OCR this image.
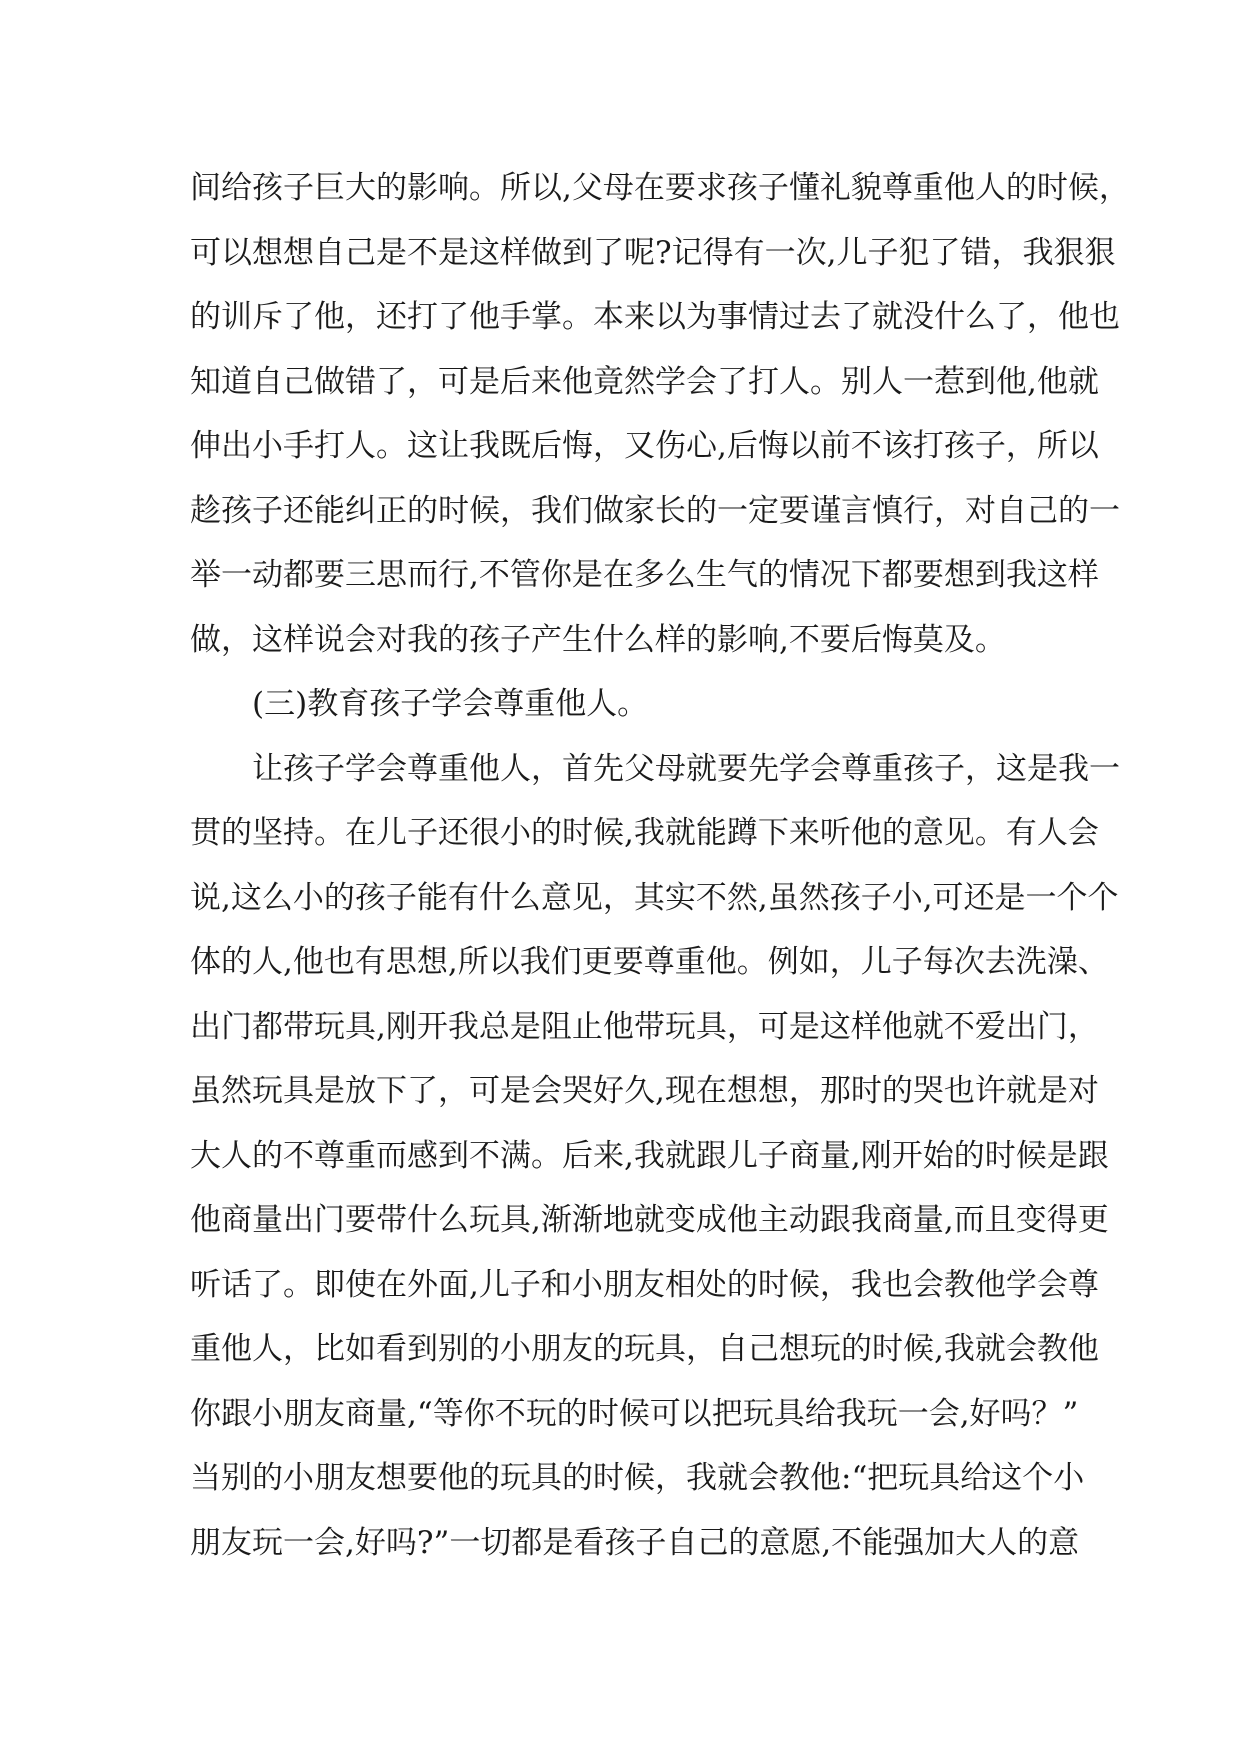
间给孩子巨大的影响。所以,父母在要求孩子懂礼貌尊重他人的时候，
可以想想自己是不是这样做到了呢?记得有一次,儿子犯了错，我狠狠
的训斥了他，还打了他手掌。本来以为事情过去了就没什么了，他也
知道自己做错了，可是后来他竟然学会了打人。别人一惹到他,他就
伸出小手打人。这让我既后悔，又伤心,后悔以前不该打孩子，所以
趁孩子还能纠正的时候，我们做家长的一定要谨言慎行，对自己的一
举一动都要三思而行,不管你是在多么生气的情况下都要想到我这样
做，这样说会对我的孩子产生什么样的影响,不要后悔莫及。
(三)教育孩子学会尊重他人。
让孩子学会尊重他人，首先父母就要先学会尊重孩子，这是我一
贯的坚持。在儿子还很小的时候,我就能蹲下来听他的意见。有人会
说,这么小的孩子能有什么意见，其实不然,虽然孩子小,可还是一个个
体的人,他也有思想,所以我们更要尊重他。例如，儿子每次去洗澡、
出门都带玩具,刚开我总是阻止他带玩具，可是这样他就不爱出门，
虽然玩具是放下了，可是会哭好久,现在想想，那时的哭也许就是对
大人的不尊重而感到不满。后来,我就跟儿子商量,刚开始的时候是跟
他商量出门要带什么玩具,渐渐地就变成他主动跟我商量,而且变得更
听话了。即使在外面,儿子和小朋友相处的时候，我也会教他学会尊
重他人，比如看到别的小朋友的玩具，自己想玩的时候,我就会教他
你跟小朋友商量,“等你不玩的时候可以把玩具给我玩一会,好吗？”
当别的小朋友想要他的玩具的时候，我就会教他:“把玩具给这个小
朋友玩一会,好吗?”一切都是看孩子自己的意愿,不能强加大人的意
